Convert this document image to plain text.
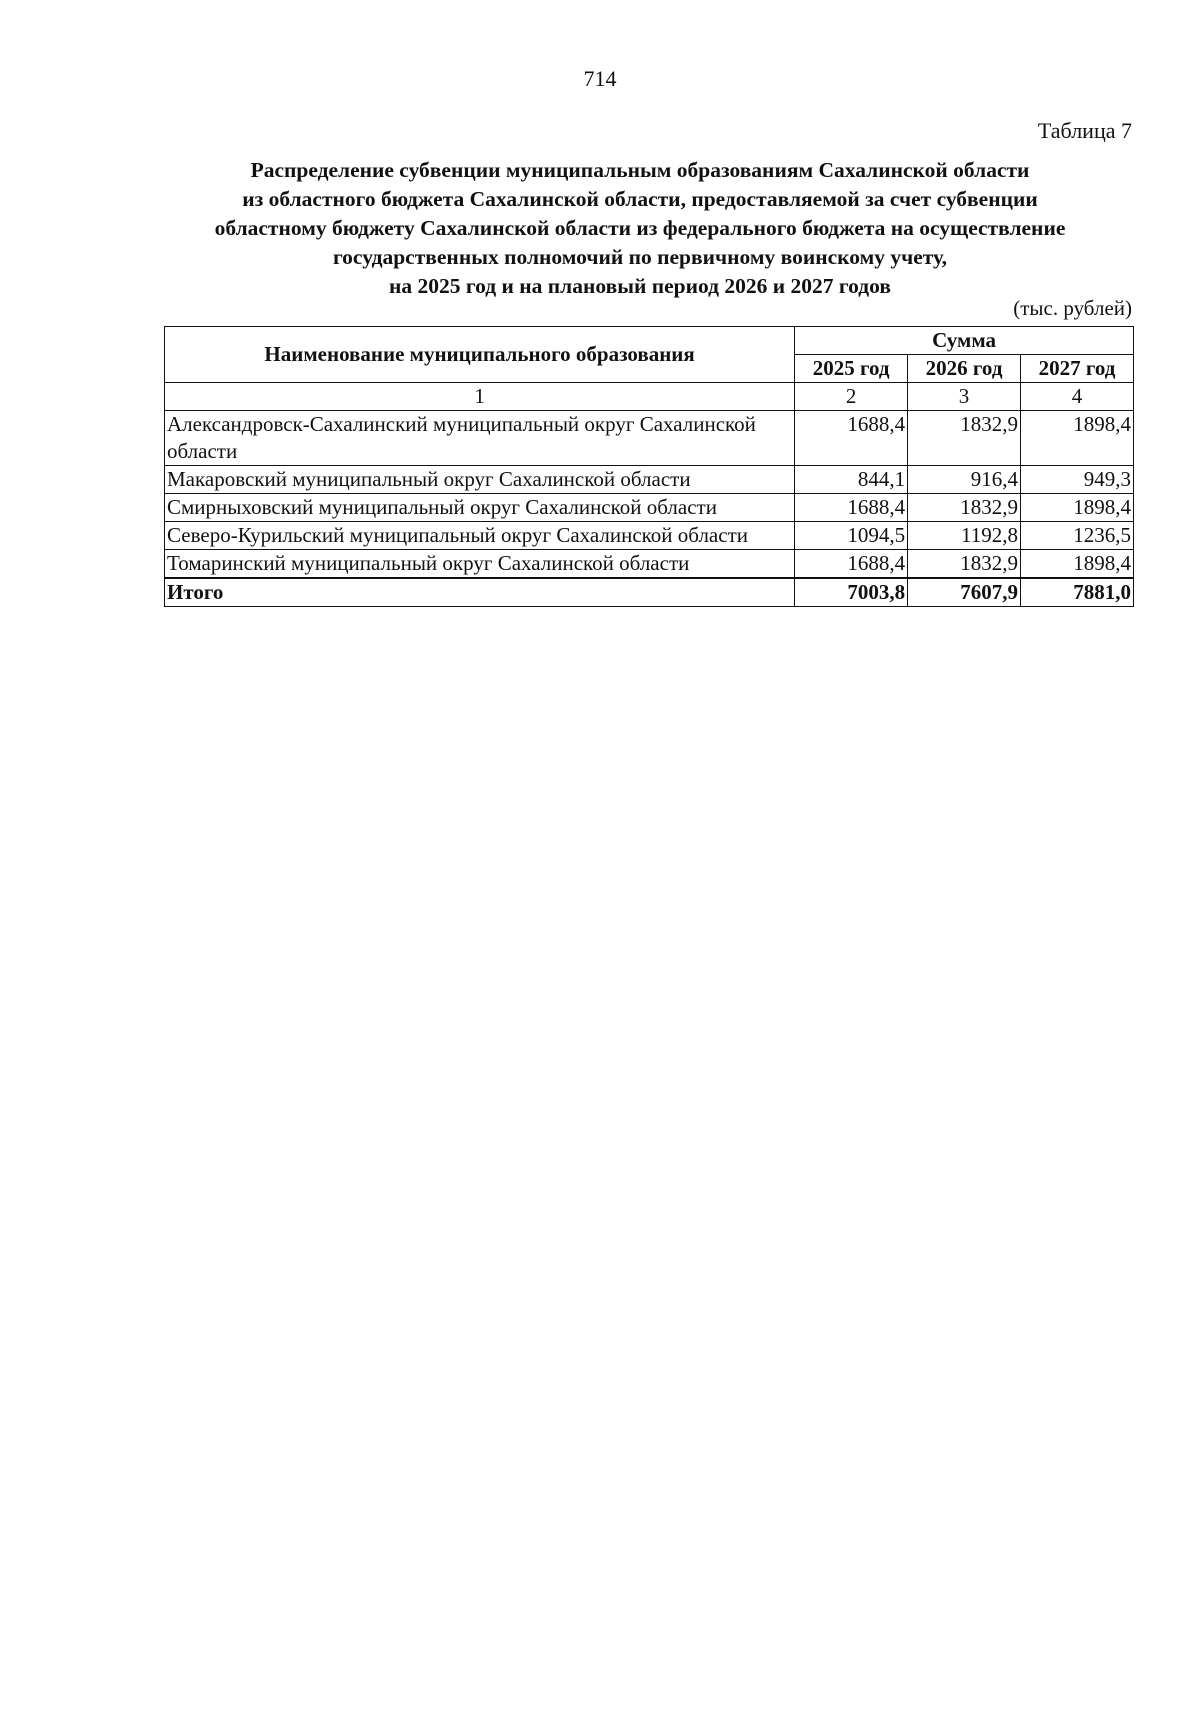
714
Таблица 7
Распределение субвенции муниципальным образованиям Сахалинской области
из областного бюджета Сахалинской области, предоставляемой за счет субвенции
областному бюджету Сахалинской области из федерального бюджета на осуществление
государственных полномочий по первичному воинскому учету,
на 2025 год и на плановый период 2026 и 2027 годов
(тыс. рублей)
Наименование муниципального образования	Сумма		
	2025 год	2026 год	2027 год
1	2	3	4
Александровск-Сахалинский муниципальный округ Сахалинской области	1688,4	1832,9	1898,4
Макаровский муниципальный округ Сахалинской области	844,1	916,4	949,3
Смирныховский муниципальный округ Сахалинской области	1688,4	1832,9	1898,4
Северо-Курильский муниципальный округ Сахалинской области	1094,5	1192,8	1236,5
Томаринский муниципальный округ Сахалинской области	1688,4	1832,9	1898,4
Итого	7003,8	7607,9	7881,0
